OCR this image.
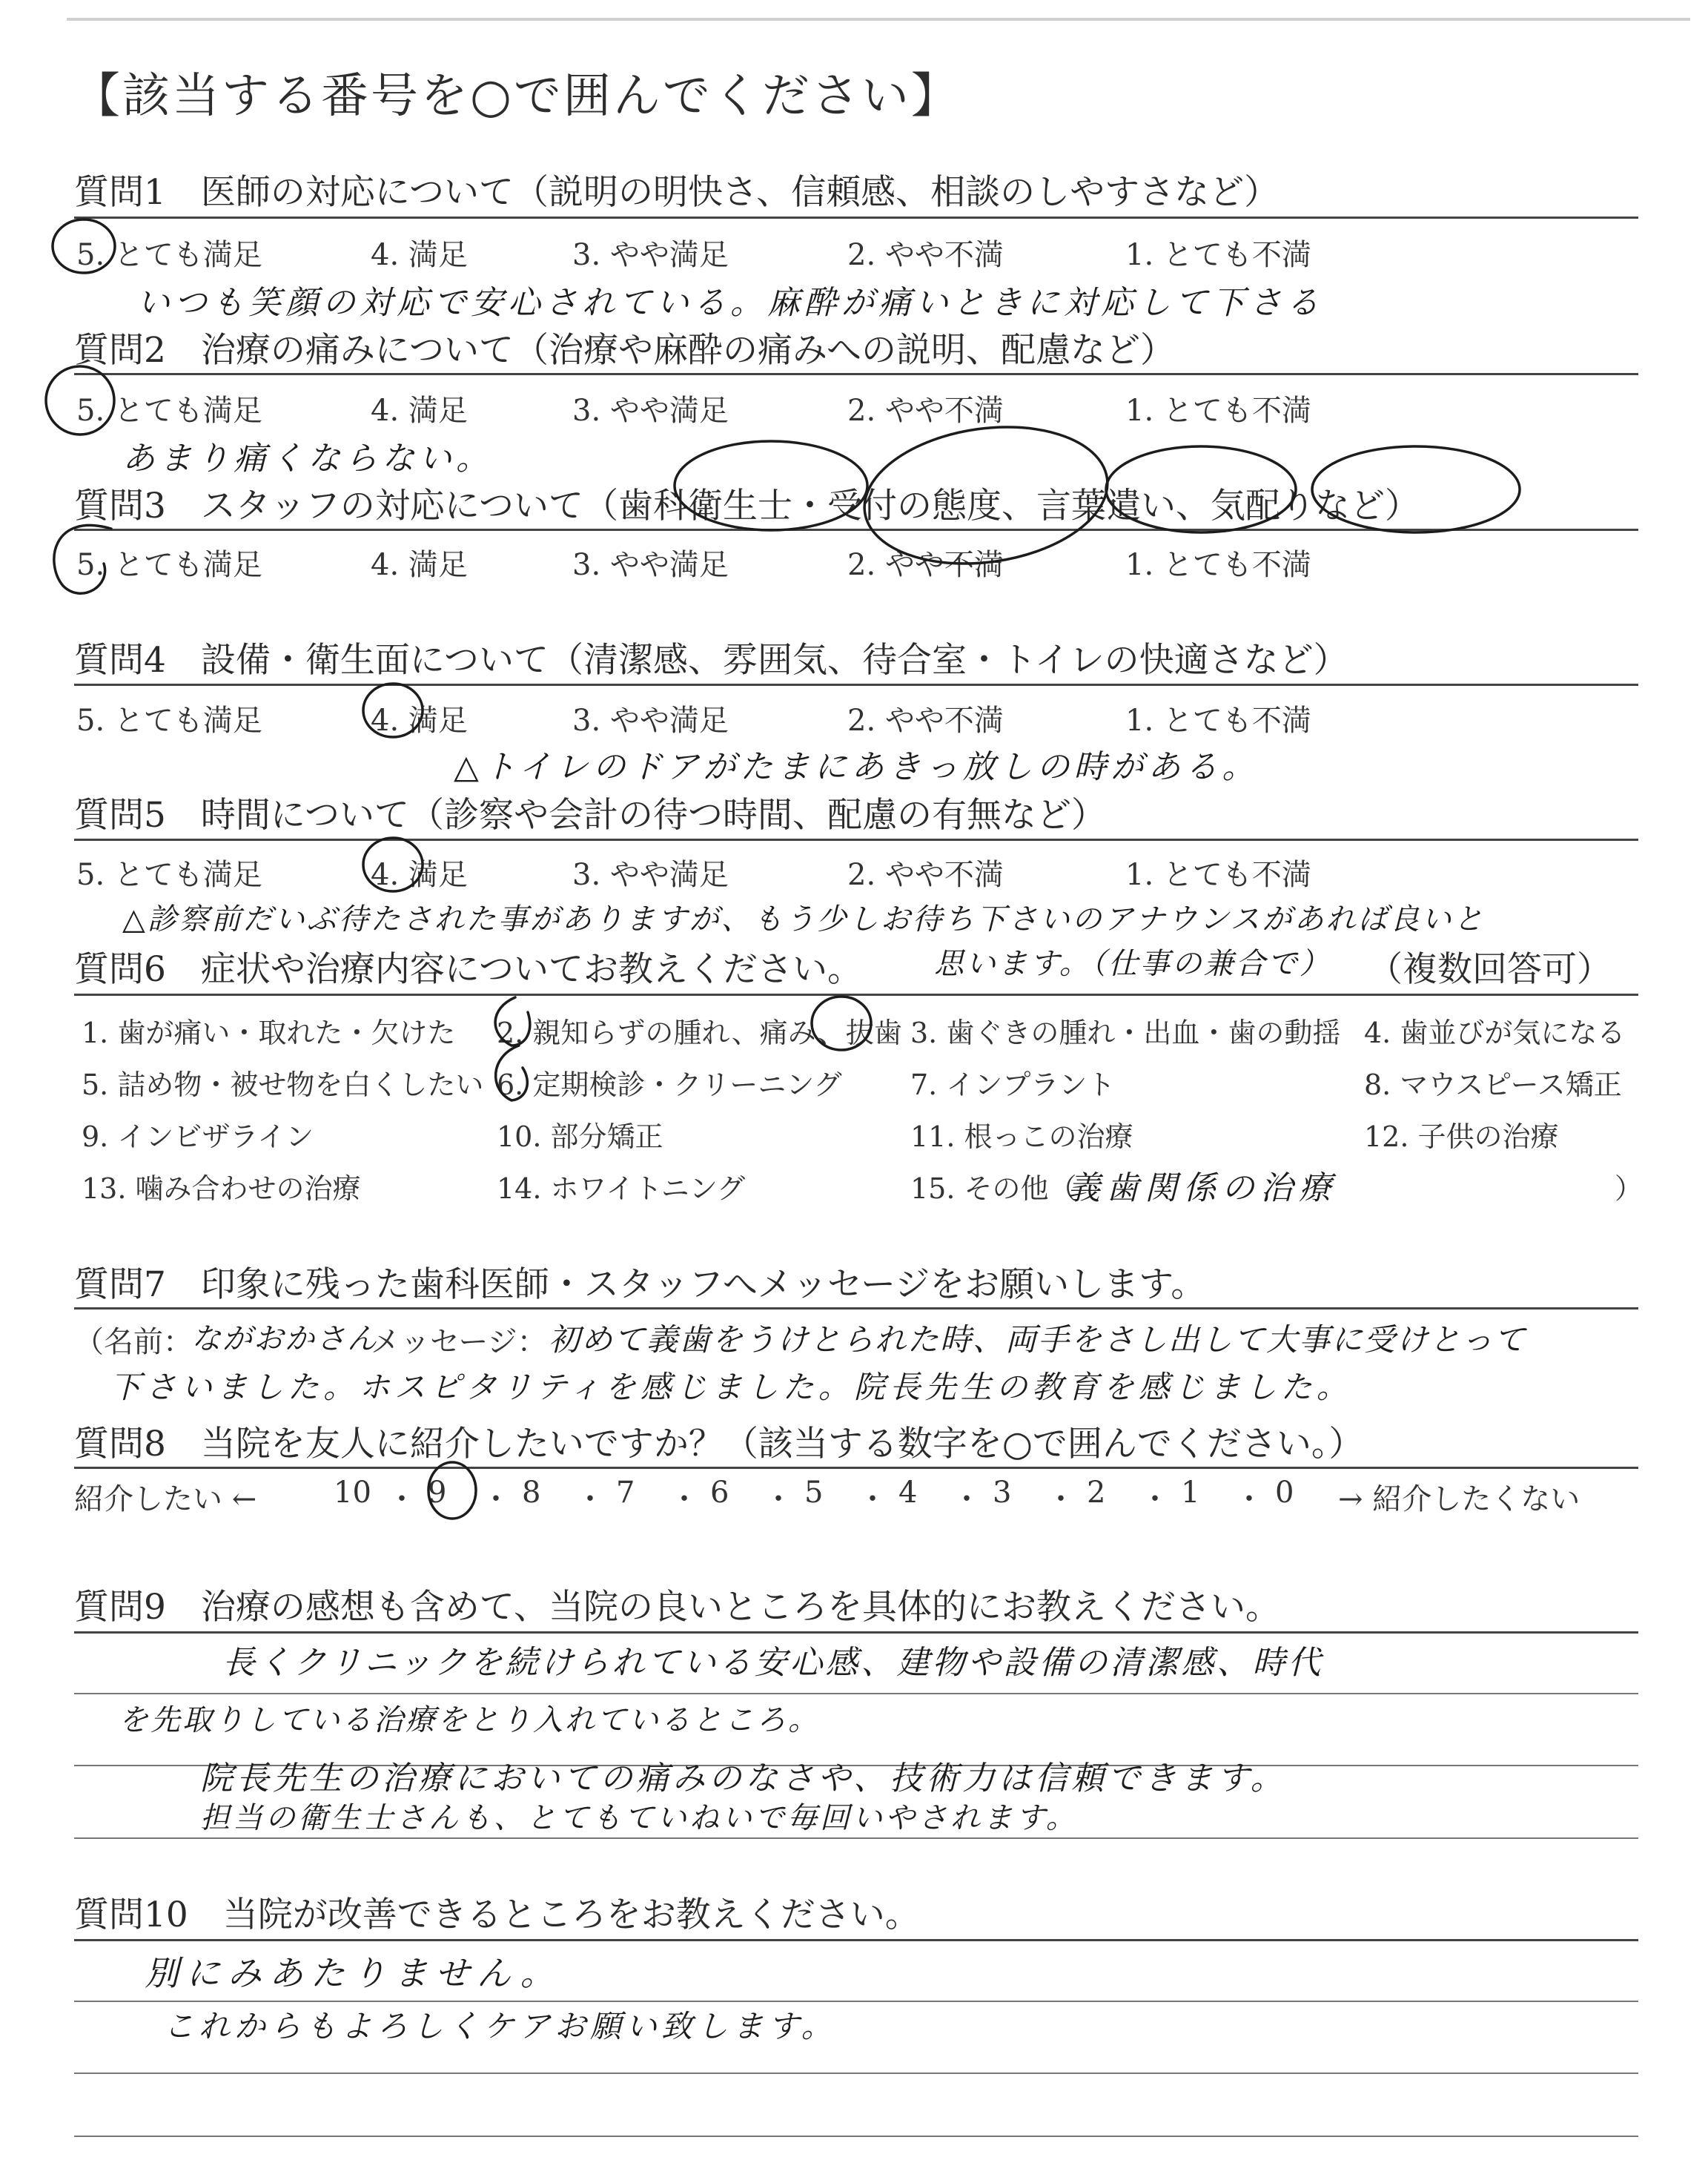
【該当する番号を○で囲んでください】
質問1　医師の対応について（説明の明快さ、信頼感、相談のしやすさなど）
5. とても満足	4. 満足	3. やや満足	2. やや不満	1. とても不満
いつも笑顔の対応で安心されている。麻酔が痛いときに対応して下さる
質問2　治療の痛みについて（治療や麻酔の痛みへの説明、配慮など）
5. とても満足	4. 満足	3. やや満足	2. やや不満	1. とても不満
あまり痛くならない。
質問3　スタッフの対応について（歯科衛生士・受付の態度、言葉遣い、気配りなど）
5. とても満足	4. 満足	3. やや満足	2. やや不満	1. とても不満
質問4　設備・衛生面について（清潔感、雰囲気、待合室・トイレの快適さなど）
5. とても満足	4. 満足	3. やや満足	2. やや不満	1. とても不満
△トイレのドアがたまにあきっ放しの時がある。
質問5　時間について（診察や会計の待つ時間、配慮の有無など）
5. とても満足	4. 満足	3. やや満足	2. やや不満	1. とても不満
△診察前だいぶ待たされた事がありますが、もう少しお待ち下さいのアナウンスがあれば良いと
質問6　症状や治療内容についてお教えください。 思います。（仕事の兼合で） （複数回答可）
1. 歯が痛い・取れた・欠けた 2. 親知らずの腫れ、痛み、抜歯 3. 歯ぐきの腫れ・出血・歯の動揺 4. 歯並びが気になる
5. 詰め物・被せ物を白くしたい 6. 定期検診・クリーニング 7. インプラント	8. マウスピース矯正
9. インビザライン	10. 部分矯正	11. 根っこの治療	12. 子供の治療
13. 噛み合わせの治療	14. ホワイトニング	15. その他（
義歯関係の治療	）
質問7　印象に残った歯科医師・スタッフへメッセージをお願いします。
（名前：
ながおかさん
メッセージ： 初めて義歯をうけとられた時、両手をさし出して大事に受けとって
下さいました。ホスピタリティを感じました。院長先生の教育を感じました。
質問8　当院を友人に紹介したいですか？（該当する数字を○で囲んでください。）
紹介したい ←	→ 紹介したくない
10 ・ 9 ・ 8 ・ 7 ・ 6 ・ 5 ・ 4 ・ 3 ・ 2 ・ 1 ・ 0
質問9　治療の感想も含めて、当院の良いところを具体的にお教えください。
長くクリニックを続けられている安心感、建物や設備の清潔感、時代
を先取りしている治療をとり入れているところ。
院長先生の治療においての痛みのなさや、技術力は信頼できます。
担当の衛生士さんも、とてもていねいで毎回いやされます。
質問10　当院が改善できるところをお教えください。
別にみあたりません。
これからもよろしくケアお願い致します。
